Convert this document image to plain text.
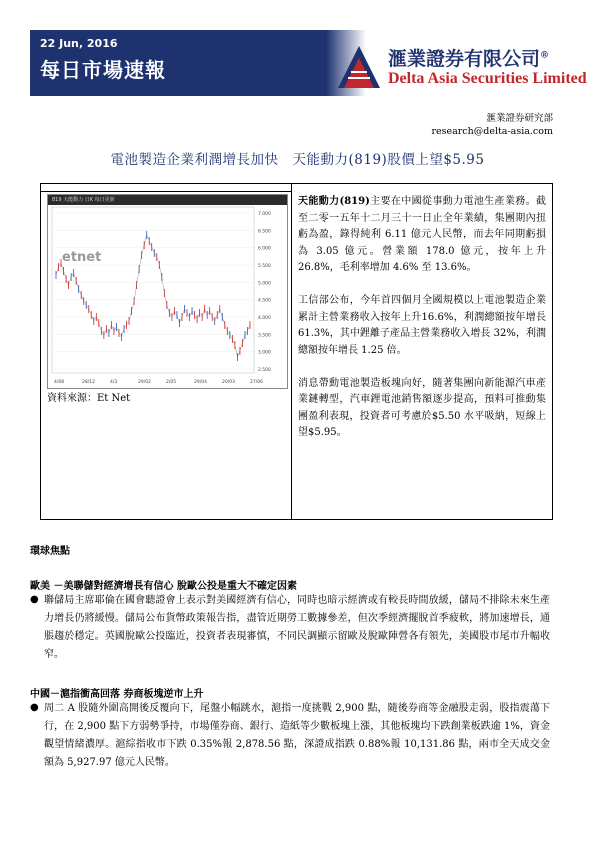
22 Jun, 2016
每日市場速報	滙業證券有限公司®
Delta Asia Securities Limited
滙業證券研究部
research@delta-asia.com
電池製造企業利潤增長加快　天能動力(819)股價上望$5.95
819 天能動力 日K 每日更新
etnet
7.000
6.500
6.000
5.500
5.000
4.500
4.000
3.500
3.000
2.500
4/08	28/12	4/3	29/02	2/05	29/04	20/03	27/06
資料來源：Et Net

天能動力(819)主要在中國從事動力電池生產業務。截至二零一五年十二月三十一日止全年業績，集團期內扭虧為盈，錄得純利 6.11 億元人民幣，而去年同期虧損為 3.05 億元。營業額 178.0 億元，按年上升 26.8%，毛利率增加 4.6% 至 13.6%。

工信部公布，今年首四個月全國規模以上電池製造企業累計主營業務收入按年上升16.6%，利潤總額按年增長 61.3%，其中鋰離子產品主營業務收入增長 32%，利潤總額按年增長 1.25 倍。

消息帶動電池製造板塊向好，隨著集團向新能源汽車產業鏈轉型，汽車鋰電池銷售額逐步提高，預料可推動集團盈利表現，投資者可考慮於$5.50 水平吸納，短線上望$5.95。

環球焦點
歐美 －美聯儲對經濟增長有信心 脫歐公投是重大不確定因素
● 聯儲局主席耶倫在國會聽證會上表示對美國經濟有信心，同時也暗示經濟或有較長時間放緩，儲局不排除未來生產力增長仍將緩慢。儲局公布貨幣政策報告指，盡管近期勞工數據參差，但次季經濟擺脫首季疲軟，將加速增長，通脹趨於穩定。英國脫歐公投臨近，投資者表現審慎，不同民調顯示留歐及脫歐陣營各有領先，美國股市尾市升幅收窄。
中國－滬指衝高回落 券商板塊逆市上升
● 周二 A 股隨外圍高開後反覆向下，尾盤小幅跳水，滬指一度挑戰 2,900 點，隨後券商等金融股走弱，股指震蕩下行，在 2,900 點下方弱勢爭持，市場僅券商、銀行、造紙等少數板塊上漲，其他板塊均下跌創業板跌逾 1%，資金觀望情緒濃厚。滬綜指收市下跌 0.35%報 2,878.56 點，深證成指跌 0.88%報 10,131.86 點，兩市全天成交金額為 5,927.97 億元人民幣。
